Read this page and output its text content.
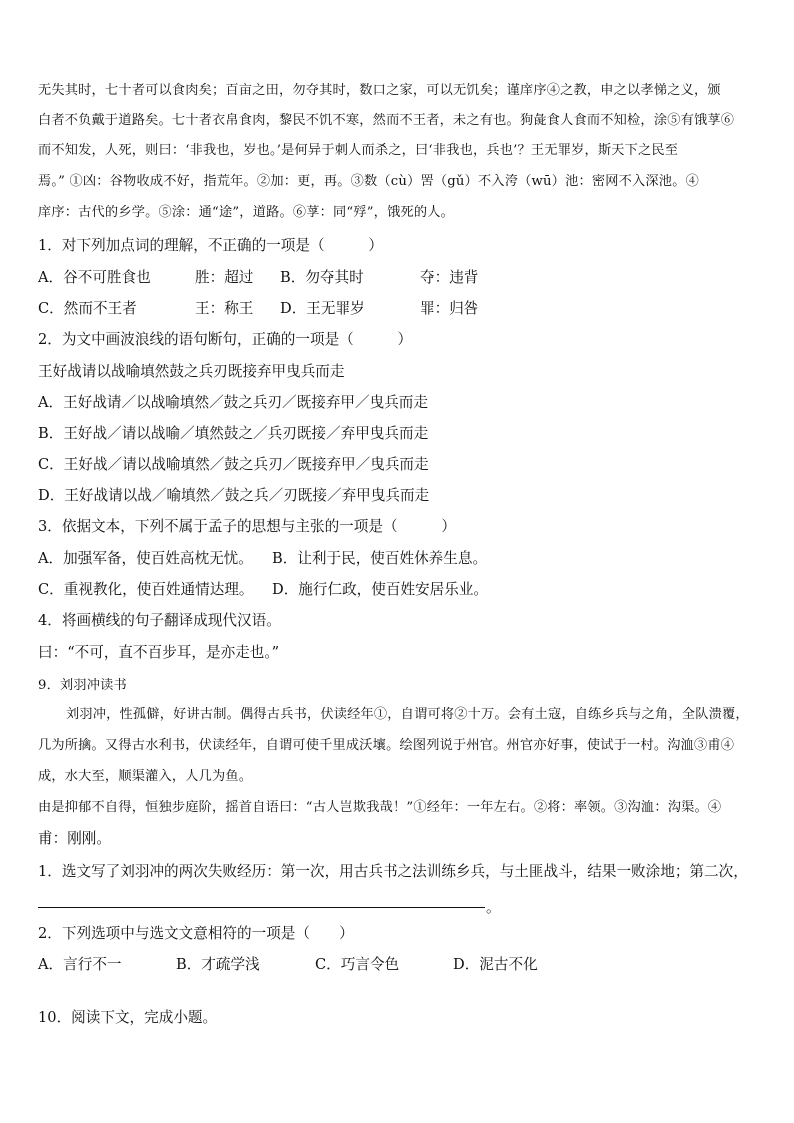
无失其时，七十者可以食肉矣；百亩之田，勿夺其时，数口之家，可以无饥矣；谨庠序④之教，申之以孝悌之义，颁
白者不负戴于道路矣。七十者衣帛食肉，黎民不饥不寒，然而不王者，未之有也。狗彘食人食而不知检，涂⑤有饿莩⑥
而不知发，人死，则曰：‘非我也，岁也。’是何异于刺人而杀之，曰‘非我也，兵也’？王无罪岁，斯天下之民至
焉。” ①凶：谷物收成不好，指荒年。②加：更，再。③数（cù）罟（gǔ）不入洿（wū）池：密网不入深池。④
庠序：古代的乡学。⑤涂：通“途”，道路。⑥莩：同“殍”，饿死的人。
1．对下列加点词的理解，不正确的一项是（　　　）
A．谷不可胜食也	胜：超过 B．勿夺其时	夺：违背
C．然而不王者	王：称王 D．王无罪岁	罪：归咎
2．为文中画波浪线的语句断句，正确的一项是（　　　）
王好战请以战喻填然鼓之兵刃既接弃甲曳兵而走
A．王好战请／以战喻填然／鼓之兵刃／既接弃甲／曳兵而走
B．王好战／请以战喻／填然鼓之／兵刃既接／弃甲曳兵而走
C．王好战／请以战喻填然／鼓之兵刃／既接弃甲／曳兵而走
D．王好战请以战／喻填然／鼓之兵／刃既接／弃甲曳兵而走
3．依据文本，下列不属于孟子的思想与主张的一项是（　　　）
A．加强军备，使百姓高枕无忧。 B．让利于民，使百姓休养生息。
C．重视教化，使百姓通情达理。 D．施行仁政，使百姓安居乐业。
4．将画横线的句子翻译成现代汉语。
曰：“不可，直不百步耳，是亦走也。”
9．刘羽冲读书
刘羽冲，性孤僻，好讲古制。偶得古兵书，伏读经年①，自谓可将②十万。会有土寇，自练乡兵与之角，全队溃覆，
几为所擒。又得古水利书，伏读经年，自谓可使千里成沃壤。绘图列说于州官。州官亦好事，使试于一村。沟洫③甫④
成，水大至，顺渠灌入，人几为鱼。
由是抑郁不自得，恒独步庭阶，摇首自语曰：“古人岂欺我哉！”①经年：一年左右。②将：率领。③沟洫：沟渠。④
甫：刚刚。
1．选文写了刘羽冲的两次失败经历：第一次，用古兵书之法训练乡兵，与土匪战斗，结果一败涂地；第二次，
。
2．下列选项中与选文文意相符的一项是（　　）
A．言行不一	B．才疏学浅	C．巧言令色	D．泥古不化
10．阅读下文，完成小题。
